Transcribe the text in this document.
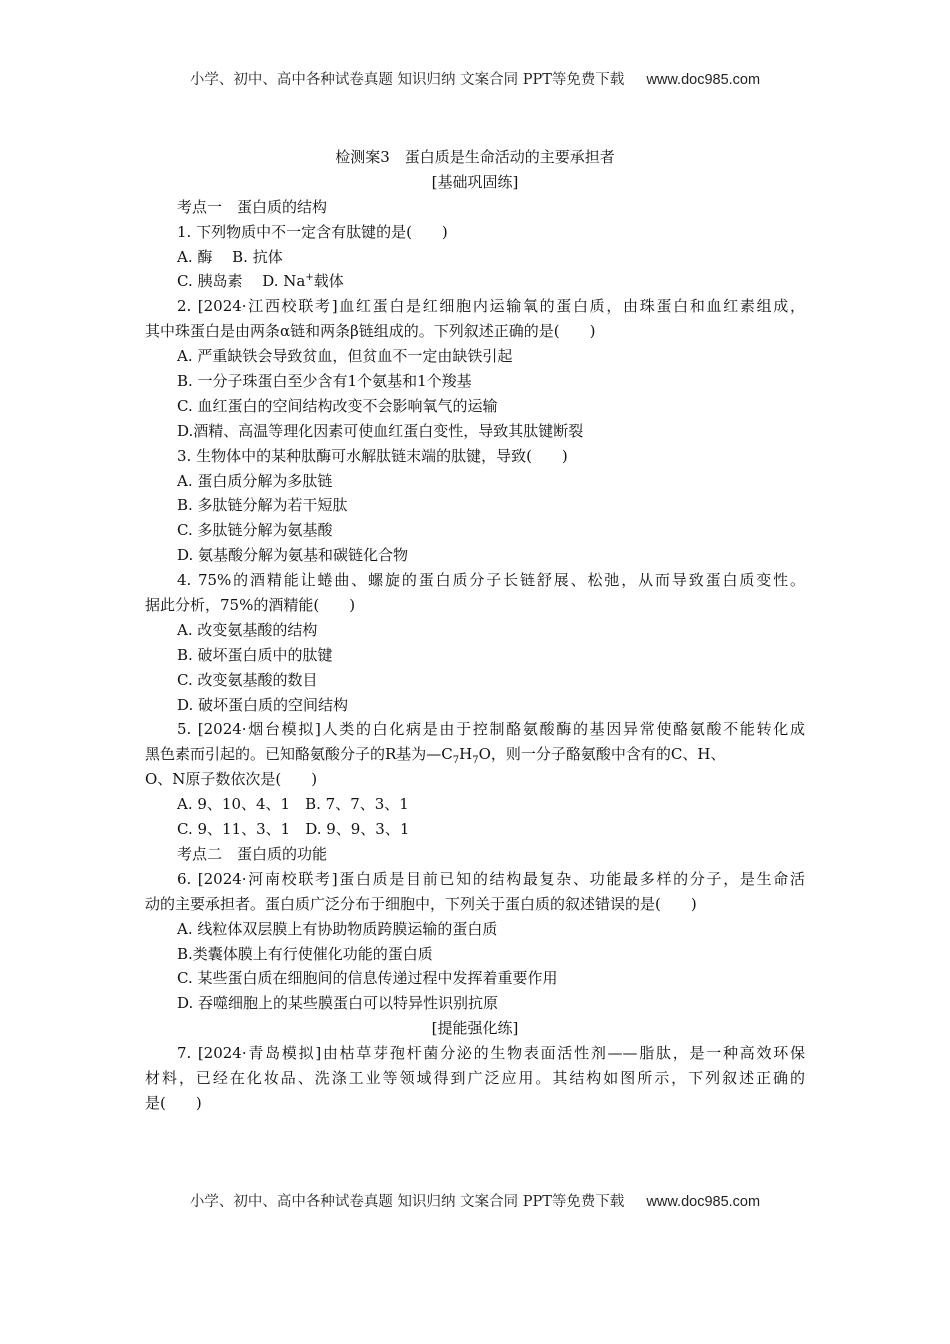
小学、初中、高中各种试卷真题 知识归纳 文案合同 PPT等免费下载 www.doc985.com
检测案3　蛋白质是生命活动的主要承担者
[基础巩固练]
考点一　蛋白质的结构
1. 下列物质中不一定含有肽键的是(　　)
A. 酶　 B. 抗体
C. 胰岛素　 D. Na+载体
2. [2024·江西校联考]血红蛋白是红细胞内运输氧的蛋白质，由珠蛋白和血红素组成，
其中珠蛋白是由两条α链和两条β链组成的。下列叙述正确的是(　　)
A. 严重缺铁会导致贫血，但贫血不一定由缺铁引起
B. 一分子珠蛋白至少含有1个氨基和1个羧基
C. 血红蛋白的空间结构改变不会影响氧气的运输
D.酒精、高温等理化因素可使血红蛋白变性，导致其肽键断裂
3. 生物体中的某种肽酶可水解肽链末端的肽键，导致(　　)
A. 蛋白质分解为多肽链
B. 多肽链分解为若干短肽
C. 多肽链分解为氨基酸
D. 氨基酸分解为氨基和碳链化合物
4. 75%的酒精能让蜷曲、螺旋的蛋白质分子长链舒展、松弛，从而导致蛋白质变性。
据此分析，75%的酒精能(　　)
A. 改变氨基酸的结构
B. 破坏蛋白质中的肽键
C. 改变氨基酸的数目
D. 破坏蛋白质的空间结构
5. [2024·烟台模拟]人类的白化病是由于控制酪氨酸酶的基因异常使酪氨酸不能转化成
黑色素而引起的。已知酪氨酸分子的R基为$—C_7H_7O$，则一分子酪氨酸中含有的C、H、
O、N原子数依次是(　　)
A. 9、10、4、1　B. 7、7、3、1
C. 9、11、3、1　D. 9、9、3、1
考点二　蛋白质的功能
6. [2024·河南校联考]蛋白质是目前已知的结构最复杂、功能最多样的分子，是生命活
动的主要承担者。蛋白质广泛分布于细胞中，下列关于蛋白质的叙述错误的是(　　)
A. 线粒体双层膜上有协助物质跨膜运输的蛋白质
B.类囊体膜上有行使催化功能的蛋白质
C. 某些蛋白质在细胞间的信息传递过程中发挥着重要作用
D. 吞噬细胞上的某些膜蛋白可以特异性识别抗原
[提能强化练]
7. [2024·青岛模拟]由枯草芽孢杆菌分泌的生物表面活性剂——脂肽，是一种高效环保
材料，已经在化妆品、洗涤工业等领域得到广泛应用。其结构如图所示，下列叙述正确的
是(　　)
小学、初中、高中各种试卷真题 知识归纳 文案合同 PPT等免费下载 www.doc985.com
